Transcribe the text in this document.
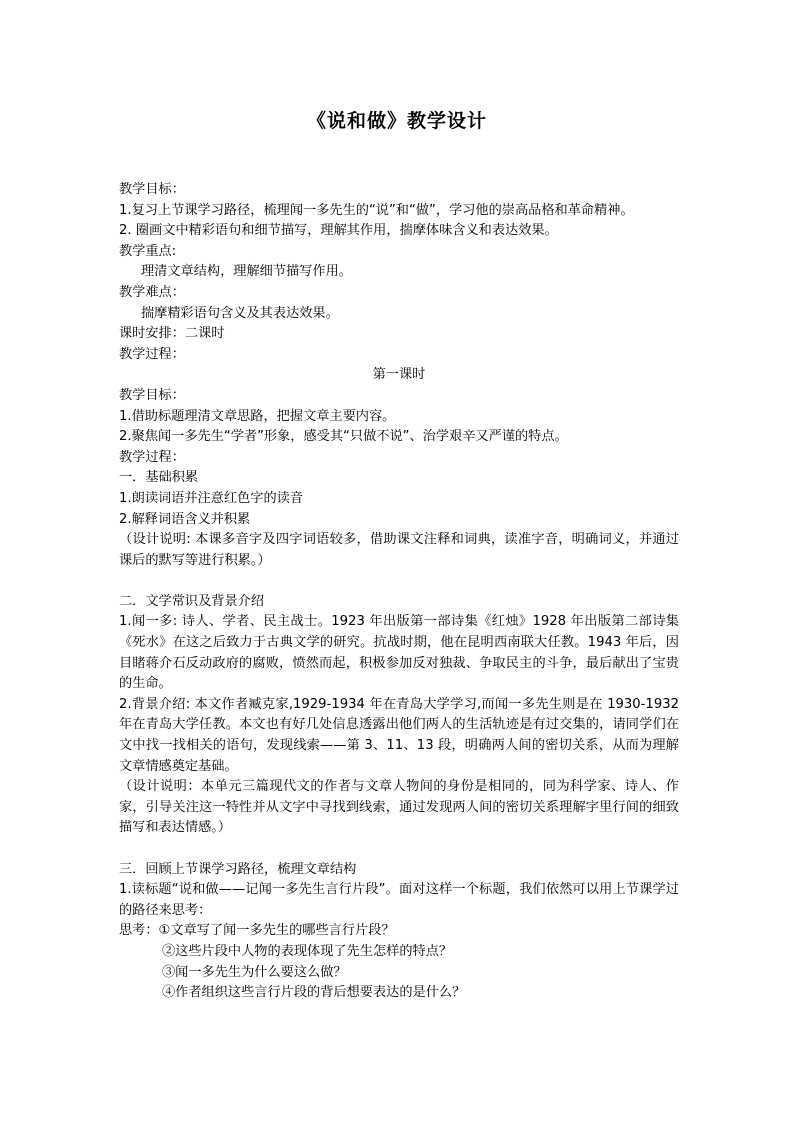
《说和做》教学设计
教学目标：
1.复习上节课学习路径，梳理闻一多先生的“说”和“做”，学习他的崇高品格和革命精神。
2. 圈画文中精彩语句和细节描写，理解其作用，揣摩体味含义和表达效果。
教学重点:
理清文章结构，理解细节描写作用。
教学难点：
揣摩精彩语句含义及其表达效果。
课时安排：二课时
教学过程：
第一课时
教学目标：
1.借助标题理清文章思路，把握文章主要内容。
2.聚焦闻一多先生“学者”形象，感受其“只做不说”、治学艰辛又严谨的特点。
教学过程：
一．基础积累
1.朗读词语并注意红色字的读音
2.解释词语含义并积累
（设计说明: 本课多音字及四字词语较多，借助课文注释和词典，读准字音，明确词义，并通过课后的默写等进行积累。）
二．文学常识及背景介绍
1.闻一多: 诗人、学者、民主战士。1923 年出版第一部诗集《红烛》1928 年出版第二部诗集《死水》在这之后致力于古典文学的研究。抗战时期，他在昆明西南联大任教。1943 年后，因目睹蒋介石反动政府的腐败，愤然而起，积极参加反对独裁、争取民主的斗争，最后献出了宝贵的生命。
2.背景介绍: 本文作者臧克家,1929-1934 年在青岛大学学习,而闻一多先生则是在 1930-1932 年在青岛大学任教。本文也有好几处信息透露出他们两人的生活轨迹是有过交集的，请同学们在文中找一找相关的语句，发现线索——第 3、11、13 段，明确两人间的密切关系，从而为理解文章情感奠定基础。
（设计说明：本单元三篇现代文的作者与文章人物间的身份是相同的，同为科学家、诗人、作家，引导关注这一特性并从文字中寻找到线索，通过发现两人间的密切关系理解字里行间的细致描写和表达情感。）
三．回顾上节课学习路径，梳理文章结构
1.读标题“说和做——记闻一多先生言行片段”。面对这样一个标题，我们依然可以用上节课学过的路径来思考：
思考：①文章写了闻一多先生的哪些言行片段？
②这些片段中人物的表现体现了先生怎样的特点？
③闻一多先生为什么要这么做？
④作者组织这些言行片段的背后想要表达的是什么？
